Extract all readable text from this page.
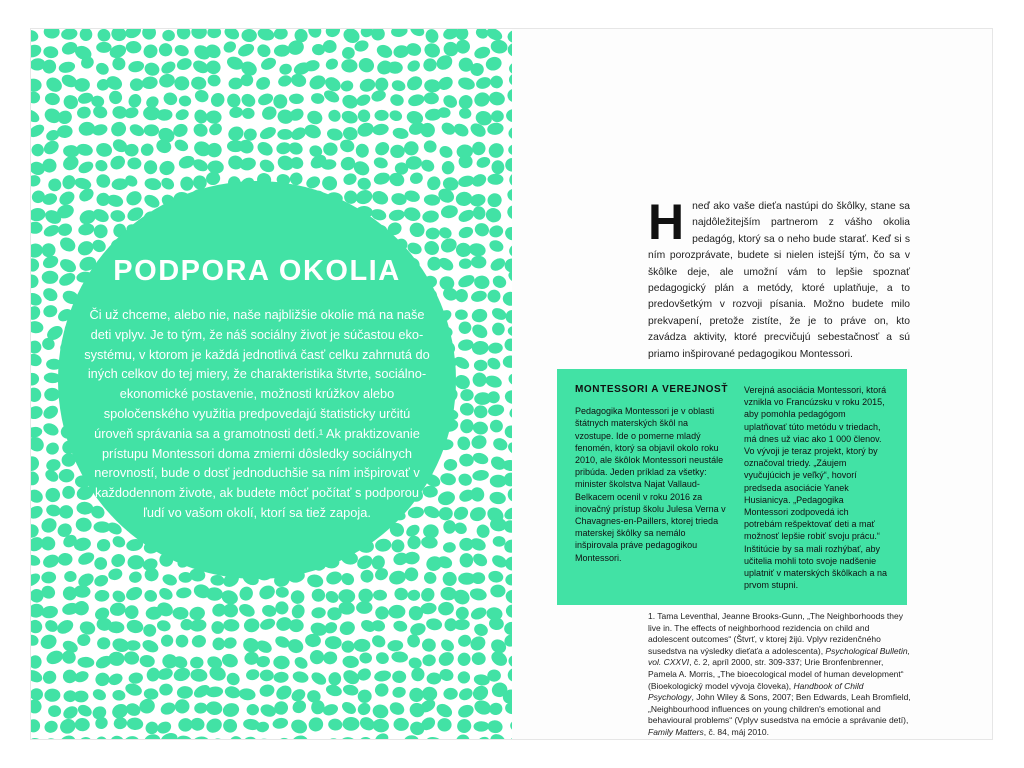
PODPORA OKOLIA

Či už chceme, alebo nie, naše najbližšie okolie má na naše deti vplyv. Je to tým, že náš sociálny život je súčastou eko-systému, v ktorom je každá jednotlivá časť celku zahrnutá do iných celkov do tej miery, že charakteristika štvrte, sociálno-ekonomické postavenie, možnosti krúžkov alebo spoločenského využitia predpovedajú štatisticky určitú úroveň správania sa a gramotnosti detí.¹ Ak praktizovanie prístupu Montessori doma zmierni dôsledky sociálnych nerovností, bude o dosť jednoduchšie sa ním inšpirovať v každodennom živote, ak budete môcť počítať s podporou ľudí vo vašom okolí, ktorí sa tiež zapoja.

Hneď ako vaše dieťa nastúpi do škôlky, stane sa najdôležitejším partnerom z vášho okolia pedagóg, ktorý sa o neho bude starať. Keď si s ním porozprávate, budete si nielen istejší tým, čo sa v škôlke deje, ale umožní vám to lepšie spoznať pedagogický plán a metódy, ktoré uplatňuje, a to predovšetkým v rozvoji písania. Možno budete milo prekvapení, pretože zistíte, že je to práve on, kto zavádza aktivity, ktoré precvičujú sebestačnosť a sú priamo inšpirované pedagogikou Montessori.
MONTESSORI A VEREJNOSŤ

Pedagogika Montessori je v oblasti štátnych materských škôl na vzostupe. Ide o pomerne mladý fenomén, ktorý sa objavil okolo roku 2010, ale škôlok Montessori neustále pribúda. Jeden príklad za všetky: minister školstva Najat Vallaud-Belkacem ocenil v roku 2016 za inovačný prístup školu Julesa Verna v Chavagnes-en-Paillers, ktorej trieda materskej škôlky sa nemálo inšpirovala práve pedagogikou Montessori.

Verejná asociácia Montessori, ktorá vznikla vo Francúzsku v roku 2015, aby pomohla pedagógom uplatňovať túto metódu v triedach, má dnes už viac ako 1 000 členov. Vo vývoji je teraz projekt, ktorý by označoval triedy. „Záujem vyučujúcich je veľký“, hovorí predseda asociácie Yanek Husianicya. „Pedagogika Montessori zodpovedá ich potrebám rešpektovať deti a mať možnosť lepšie robiť svoju prácu.“ Inštitúcie by sa mali rozhýbať, aby učitelia mohli toto svoje nadšenie uplatniť v materských škôlkach a na prvom stupni.

1. Tama Leventhal, Jeanne Brooks-Gunn, „The Neighborhoods they live in. The effects of neighborhood rezidencia on child and adolescent outcomes“ (Štvrť, v ktorej žijú. Vplyv rezidenčného susedstva na výsledky dieťaťa a adolescenta), Psychological Bulletin, vol. CXXVI, č. 2, apríl 2000, str. 309-337; Urie Bronfenbrenner, Pamela A. Morris, „The bioecological model of human development“ (Bioekologický model vývoja človeka), Handbook of Child Psychology, John Wiley & Sons, 2007; Ben Edwards, Leah Bromfield, „Neighbourhood influences on young children's emotional and behavioural problems“ (Vplyv susedstva na emócie a správanie detí), Family Matters, č. 84, máj 2010.
